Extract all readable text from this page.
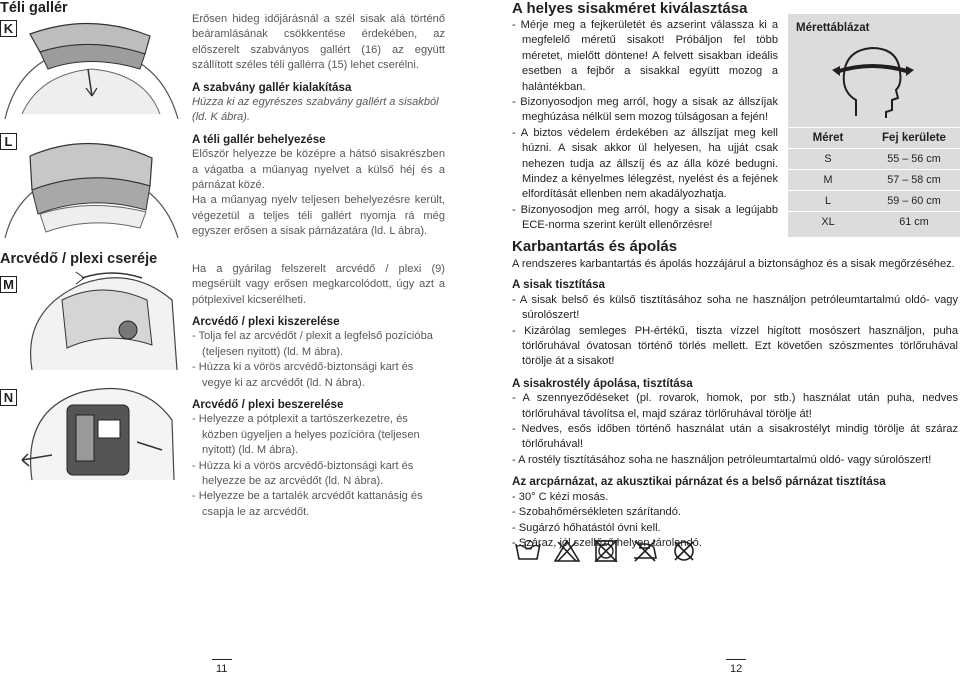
Téli gallér
K
L
Arcvédő / plexi cseréje
M
N

Erősen hideg időjárásnál a szél sisak alá történő beáramlásának csökkentése érdekében, az előszerelt szabványos gallért (16) az együtt szállított széles téli gallérra (15) lehet cserélni.

A szabvány gallér kialakítása

Húzza ki az egyrészes szabvány gallért a sisakból (ld. K ábra).

A téli gallér behelyezése

Először helyezze be középre a hátsó sisakrészben a vágatba a műanyag nyelvet a külső héj és a párnázat közé.

Ha a műanyag nyelv teljesen behelyezésre került, végezetül a teljes téli gallért nyomja rá még egyszer erősen a sisak párnázatára (ld. L ábra).

Ha a gyárilag felszerelt arcvédő / plexi (9) megsérült vagy erősen megkarcolódott, úgy azt a pótplexivel kicserélheti.

Arcvédő / plexi kiszerelése

- Tolja fel az arcvédőt / plexit a legfelső pozícióba (teljesen nyitott) (ld. M ábra).

- Húzza ki a vörös arcvédő-biztonsági kart és vegye ki az arcvédőt (ld. N ábra).

Arcvédő / plexi beszerelése

- Helyezze a pótplexit a tartószerkezetre, és közben ügyeljen a helyes pozícióra (teljesen nyitott) (ld. M ábra).

- Húzza ki a vörös arcvédő-biztonsági kart és helyezze be az arcvédőt (ld. N ábra).

- Helyezze be a tartalék arcvédőt kattanásig és csapja le az arcvédőt.

A helyes sisakméret kiválasztása

- Mérje meg a fejkerületét és azserint válassza ki a megfelelő méretű sisakot! Próbáljon fel több méretet, mielőtt döntene! A felvett sisakban ideális esetben a fejbőr a sisakkal együtt mozog a halántékban.

- Bizonyosodjon meg arról, hogy a sisak az állszíjak meghúzása nélkül sem mozog túlságosan a fején!

- A biztos védelem érdekében az állszíjat meg kell húzni. A sisak akkor ül helyesen, ha ujját csak nehezen tudja az állszíj és az álla közé bedugni. Mindez a kényelmes lélegzést, nyelést és a fejének elfordítását ellenben nem akadályozhatja.

- Bizonyosodjon meg arról, hogy a sisak a legújabb ECE-norma szerint került ellenőrzésre!

Mérettáblázat
Méret	Fej kerülete
S	55 – 56 cm
M	57 – 58 cm
L	59 – 60 cm
XL	61 cm
Karbantartás és ápolás

A rendszeres karbantartás és ápolás hozzájárul a biztonsághoz és a sisak megőrzéséhez.

A sisak tisztítása

- A sisak belső és külső tisztításához soha ne használjon petróleumtartalmú oldó- vagy súrolószert!

- Kizárólag semleges PH-értékű, tiszta vízzel higított mosószert használjon, puha törlőruhával óvatosan történő törlés mellett. Ezt követően szószmentes törlőruhával törölje át a sisakot!

A sisakrostély ápolása, tisztítása

- A szennyeződéseket (pl. rovarok, homok, por stb.) használat után puha, nedves törlőruhával távolítsa el, majd száraz törlőruhával törölje át!

- Nedves, esős időben történő használat után a sisakrostélyt mindig törölje át száraz törlőruhával!

- A rostély tisztításához soha ne használjon petróleumtartalmú oldó- vagy súrolószert!

Az arcpárnázat, az akusztikai párnázat és a belső párnázat tisztítása

- 30° C kézi mosás.

- Szobahőmérsékleten szárítandó.

- Sugárzó hőhatástól óvni kell.

- Száraz, jól szellőző helyen tárolandó.

11	12
